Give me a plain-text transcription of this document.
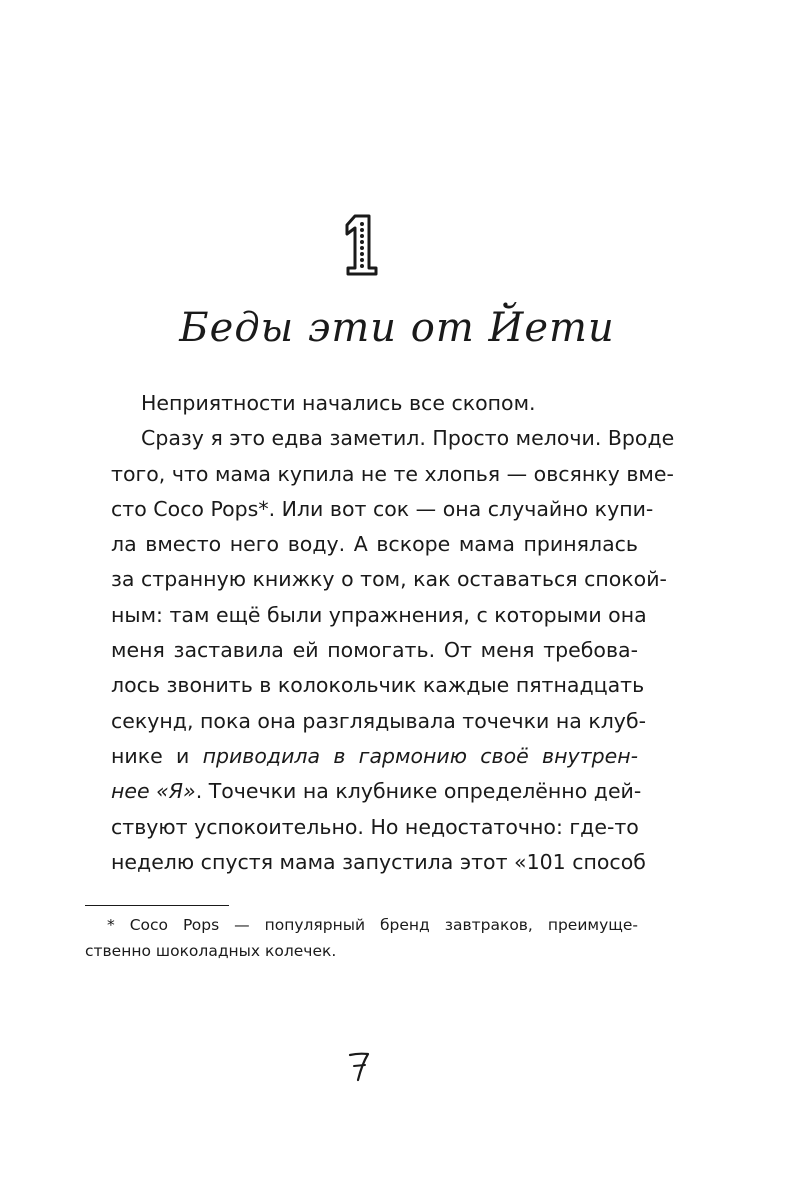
Беды эти от Йети
Неприятности начались все скопом.
Сразу я это едва заметил. Просто мелочи. Вроде
того, что мама купила не те хлопья — овсянку вме-
сто Coco Pops*. Или вот сок — она случайно купи-
ла вместо него воду. А вскоре мама принялась
за странную книжку о том, как оставаться спокой-
ным: там ещё были упражнения, с которыми она
меня заставила ей помогать. От меня требова-
лось звонить в колокольчик каждые пятнадцать
секунд, пока она разглядывала точечки на клуб-
нике и приводила в гармонию своё внутрен-
нее «Я». Точечки на клубнике определённо дей-
ствуют успокоительно. Но недостаточно: где-то
неделю спустя мама запустила этот «101 способ
* Coco Pops — популярный бренд завтраков, преимуще-
ственно шоколадных колечек.
